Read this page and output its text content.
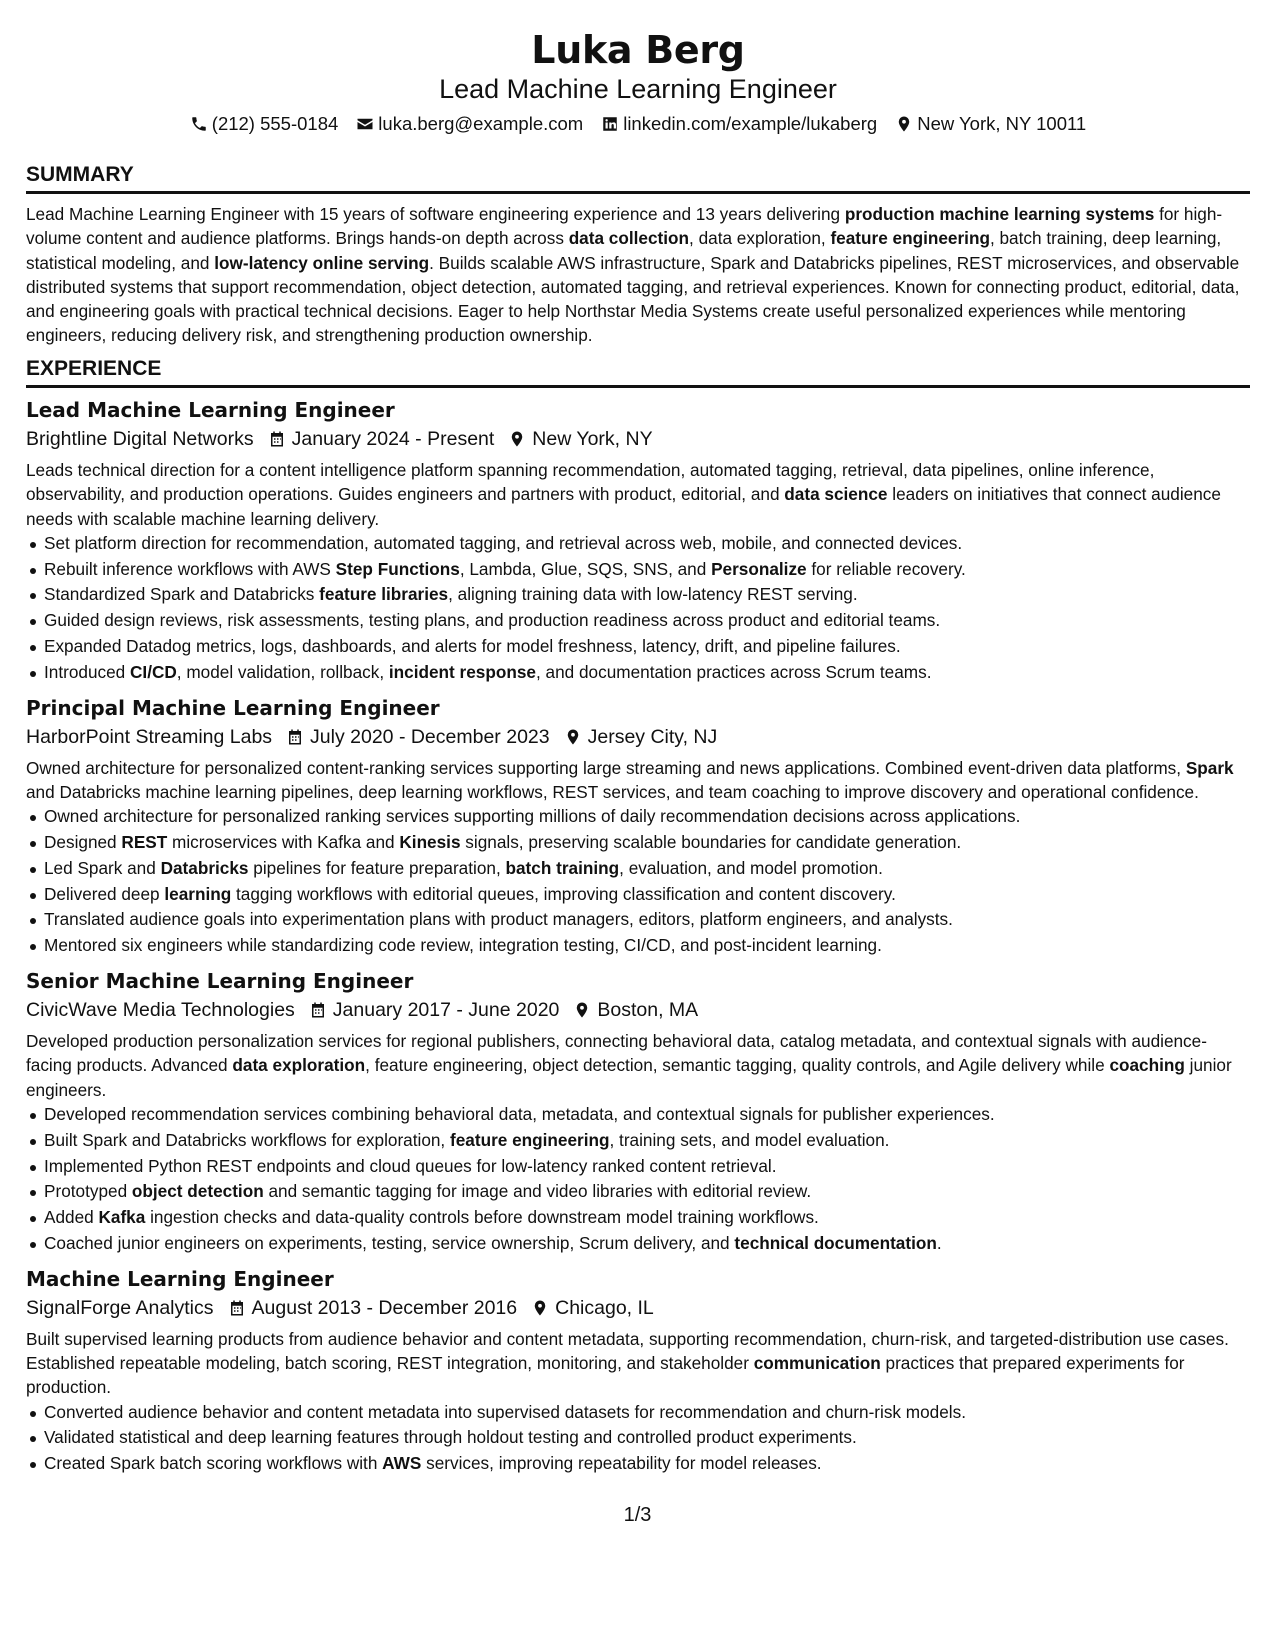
Luka Berg
Lead Machine Learning Engineer
(212) 555-0184 luka.berg@example.com linkedin.com/example/lukaberg New York, NY 10011
SUMMARY

Lead Machine Learning Engineer with 15 years of software engineering experience and 13 years delivering production machine learning systems for high-volume content and audience platforms. Brings hands-on depth across data collection, data exploration, feature engineering, batch training, deep learning, statistical modeling, and low-latency online serving. Builds scalable AWS infrastructure, Spark and Databricks pipelines, REST microservices, and observable distributed systems that support recommendation, object detection, automated tagging, and retrieval experiences. Known for connecting product, editorial, data, and engineering goals with practical technical decisions. Eager to help Northstar Media Systems create useful personalized experiences while mentoring engineers, reducing delivery risk, and strengthening production ownership.

EXPERIENCE
Lead Machine Learning Engineer
Brightline Digital Networks January 2024 - Present New York, NY

Leads technical direction for a content intelligence platform spanning recommendation, automated tagging, retrieval, data pipelines, online inference, observability, and production operations. Guides engineers and partners with product, editorial, and data science leaders on initiatives that connect audience needs with scalable machine learning delivery.

Set platform direction for recommendation, automated tagging, and retrieval across web, mobile, and connected devices.
Rebuilt inference workflows with AWS Step Functions, Lambda, Glue, SQS, SNS, and Personalize for reliable recovery.
Standardized Spark and Databricks feature libraries, aligning training data with low-latency REST serving.
Guided design reviews, risk assessments, testing plans, and production readiness across product and editorial teams.
Expanded Datadog metrics, logs, dashboards, and alerts for model freshness, latency, drift, and pipeline failures.
Introduced CI/CD, model validation, rollback, incident response, and documentation practices across Scrum teams.
Principal Machine Learning Engineer
HarborPoint Streaming Labs July 2020 - December 2023 Jersey City, NJ

Owned architecture for personalized content-ranking services supporting large streaming and news applications. Combined event-driven data platforms, Spark and Databricks machine learning pipelines, deep learning workflows, REST services, and team coaching to improve discovery and operational confidence.

Owned architecture for personalized ranking services supporting millions of daily recommendation decisions across applications.
Designed REST microservices with Kafka and Kinesis signals, preserving scalable boundaries for candidate generation.
Led Spark and Databricks pipelines for feature preparation, batch training, evaluation, and model promotion.
Delivered deep learning tagging workflows with editorial queues, improving classification and content discovery.
Translated audience goals into experimentation plans with product managers, editors, platform engineers, and analysts.
Mentored six engineers while standardizing code review, integration testing, CI/CD, and post-incident learning.
Senior Machine Learning Engineer
CivicWave Media Technologies January 2017 - June 2020 Boston, MA

Developed production personalization services for regional publishers, connecting behavioral data, catalog metadata, and contextual signals with audience-facing products. Advanced data exploration, feature engineering, object detection, semantic tagging, quality controls, and Agile delivery while coaching junior engineers.

Developed recommendation services combining behavioral data, metadata, and contextual signals for publisher experiences.
Built Spark and Databricks workflows for exploration, feature engineering, training sets, and model evaluation.
Implemented Python REST endpoints and cloud queues for low-latency ranked content retrieval.
Prototyped object detection and semantic tagging for image and video libraries with editorial review.
Added Kafka ingestion checks and data-quality controls before downstream model training workflows.
Coached junior engineers on experiments, testing, service ownership, Scrum delivery, and technical documentation.
Machine Learning Engineer
SignalForge Analytics August 2013 - December 2016 Chicago, IL

Built supervised learning products from audience behavior and content metadata, supporting recommendation, churn-risk, and targeted-distribution use cases. Established repeatable modeling, batch scoring, REST integration, monitoring, and stakeholder communication practices that prepared experiments for production.

Converted audience behavior and content metadata into supervised datasets for recommendation and churn-risk models.
Validated statistical and deep learning features through holdout testing and controlled product experiments.
Created Spark batch scoring workflows with AWS services, improving repeatability for model releases.
1/3
